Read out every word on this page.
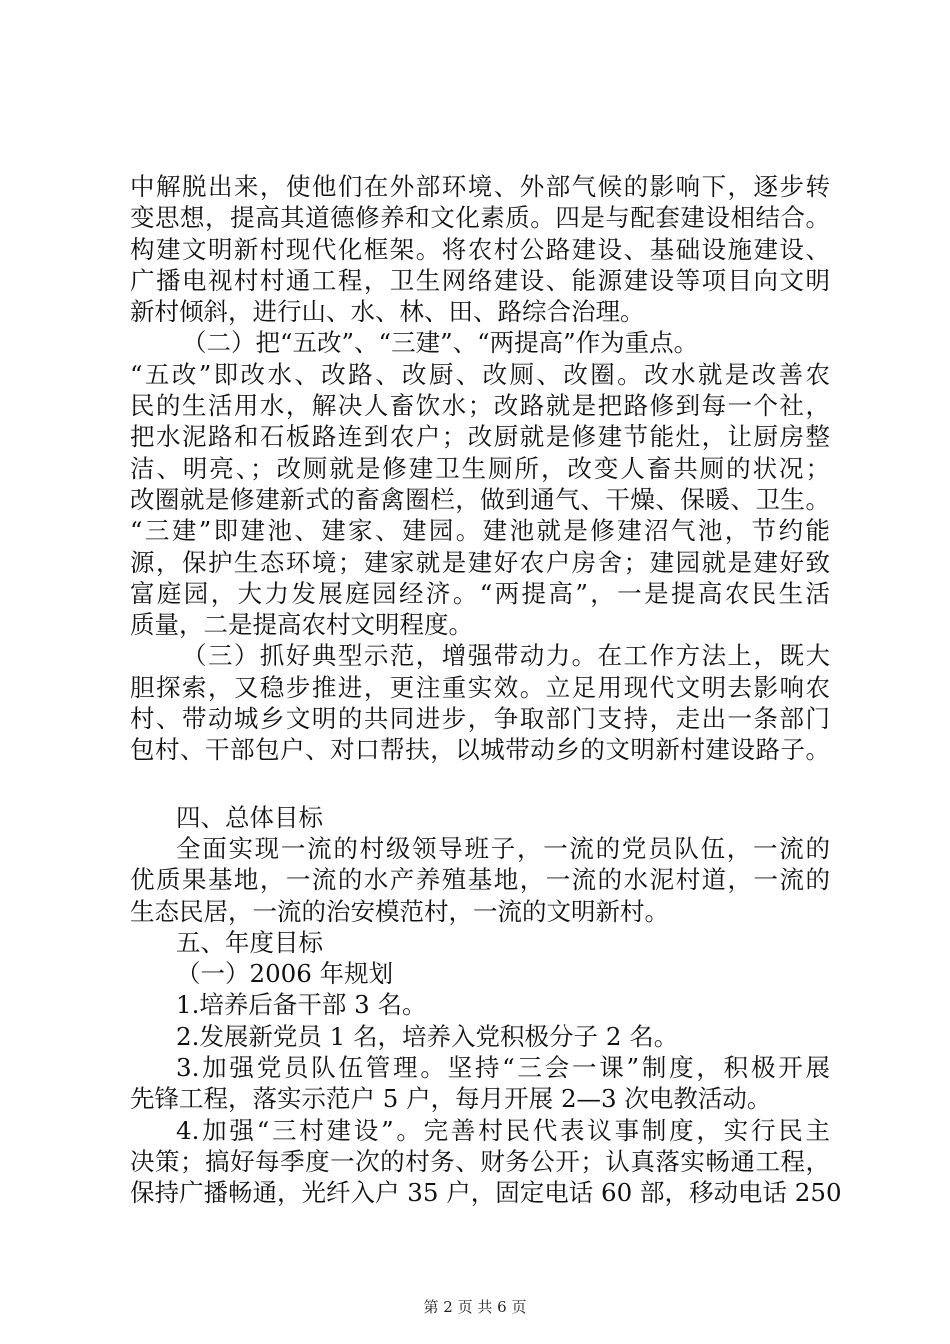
中解脱出来，使他们在外部环境、外部气候的影响下，逐步转
变思想，提高其道德修养和文化素质。四是与配套建设相结合。
构建文明新村现代化框架。将农村公路建设、基础设施建设、
广播电视村村通工程，卫生网络建设、能源建设等项目向文明
新村倾斜，进行山、水、林、田、路综合治理。
（二）把“五改”、“三建”、“两提高”作为重点。
“五改”即改水、改路、改厨、改厕、改圈。改水就是改善农
民的生活用水，解决人畜饮水；改路就是把路修到每一个社，
把水泥路和石板路连到农户；改厨就是修建节能灶，让厨房整
洁、明亮、；改厕就是修建卫生厕所，改变人畜共厕的状况；
改圈就是修建新式的畜禽圈栏，做到通气、干燥、保暖、卫生。
“三建”即建池、建家、建园。建池就是修建沼气池，节约能
源，保护生态环境；建家就是建好农户房舍；建园就是建好致
富庭园，大力发展庭园经济。“两提高”，一是提高农民生活
质量，二是提高农村文明程度。
（三）抓好典型示范，增强带动力。在工作方法上，既大
胆探索，又稳步推进，更注重实效。立足用现代文明去影响农
村、带动城乡文明的共同进步，争取部门支持，走出一条部门
包村、干部包户、对口帮扶，以城带动乡的文明新村建设路子。
四、总体目标
全面实现一流的村级领导班子，一流的党员队伍，一流的
优质果基地，一流的水产养殖基地，一流的水泥村道，一流的
生态民居，一流的治安模范村，一流的文明新村。
五、年度目标
（一）2006 年规划
1.培养后备干部 3 名。
2.发展新党员 1 名，培养入党积极分子 2 名。
3.加强党员队伍管理。坚持“三会一课”制度，积极开展
先锋工程，落实示范户 5 户，每月开展 2—3 次电教活动。
4.加强“三村建设”。完善村民代表议事制度，实行民主
决策；搞好每季度一次的村务、财务公开；认真落实畅通工程，
保持广播畅通，光纤入户 35 户，固定电话 60 部，移动电话 250
第 2 页 共 6 页
